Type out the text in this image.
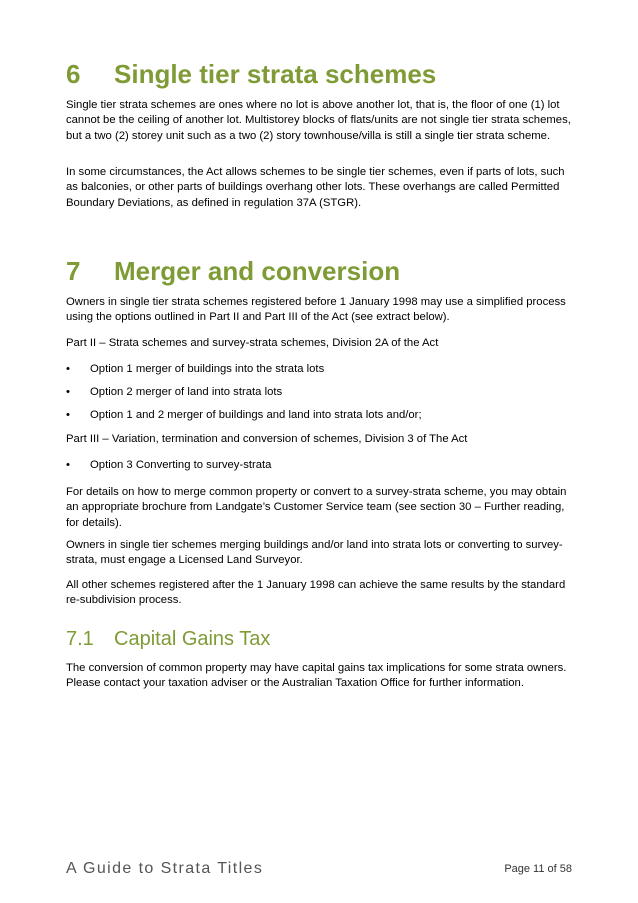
6 Single tier strata schemes

Single tier strata schemes are ones where no lot is above another lot, that is, the floor of one (1) lot cannot be the ceiling of another lot. Multistorey blocks of flats/units are not single tier strata schemes, but a two (2) storey unit such as a two (2) story townhouse/villa is still a single tier strata scheme.

In some circumstances, the Act allows schemes to be single tier schemes, even if parts of lots, such as balconies, or other parts of buildings overhang other lots. These overhangs are called Permitted Boundary Deviations, as defined in regulation 37A (STGR).

7 Merger and conversion

Owners in single tier strata schemes registered before 1 January 1998 may use a simplified process using the options outlined in Part II and Part III of the Act (see extract below).

Part II – Strata schemes and survey-strata schemes, Division 2A of the Act

• Option 1 merger of buildings into the strata lots
• Option 2 merger of land into strata lots
• Option 1 and 2 merger of buildings and land into strata lots and/or;

Part III – Variation, termination and conversion of schemes, Division 3 of The Act

• Option 3 Converting to survey-strata

For details on how to merge common property or convert to a survey-strata scheme, you may obtain an appropriate brochure from Landgate’s Customer Service team (see section 30 – Further reading, for details).

Owners in single tier schemes merging buildings and/or land into strata lots or converting to survey-strata, must engage a Licensed Land Surveyor.

All other schemes registered after the 1 January 1998 can achieve the same results by the standard re-subdivision process.

7.1 Capital Gains Tax

The conversion of common property may have capital gains tax implications for some strata owners. Please contact your taxation adviser or the Australian Taxation Office for further information.

A Guide to Strata Titles	Page 11 of 58
